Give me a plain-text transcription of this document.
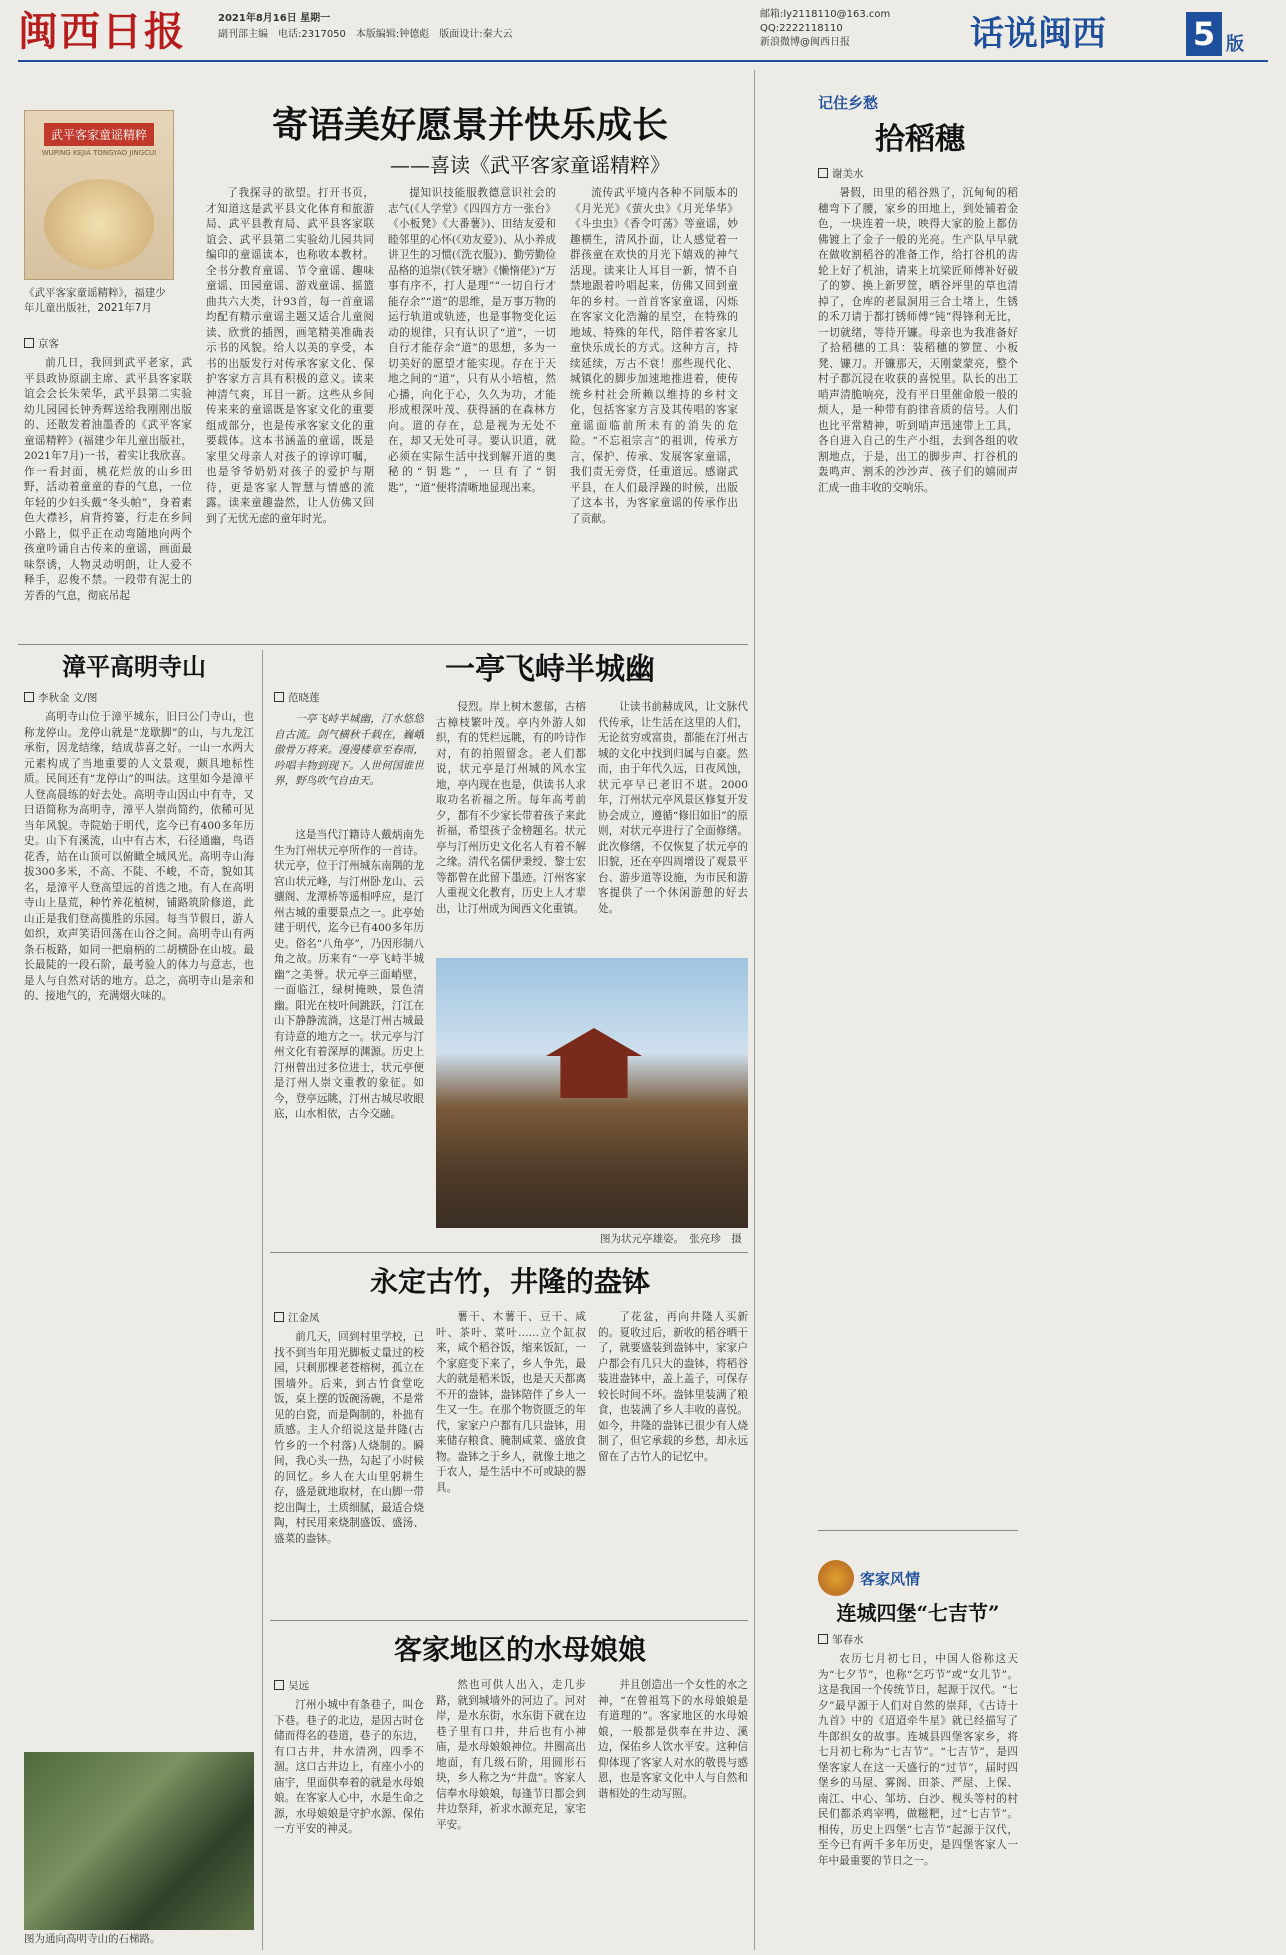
闽西日报	2021年8月16日 星期一
副刊部主编　电话:2317050　本版编辑:钟德彪　版面设计:秦大云
邮箱:ly2118110@163.com
QQ:2222118110
新浪微博@闽西日报	话说闽西	5 版
武平客家童谣精粹
WUPING KEJIA TONGYAO JINGCUI
《武平客家童谣精粹》，福建少年儿童出版社，2021年7月
京客
寄语美好愿景并快乐成长
——喜读《武平客家童谣精粹》

前几日，我回到武平老家，武平县政协原副主席、武平县客家联谊会会长朱荣华，武平县第二实验幼儿园园长钟秀辉送给我刚刚出版的、还散发着油墨香的《武平客家童谣精粹》(福建少年儿童出版社，2021年7月)一书，着实让我欣喜。作一看封面，桃花烂放的山乡田野，活动着童童的春的气息，一位年轻的少妇头戴“冬头帕”，身着素色大襟衫，肩背挎篓，行走在乡间小路上，似乎正在动弯随地向两个孩童吟诵自古传来的童谣，画面最味祭诱，人物灵动明朗，让人爱不释手，忍俊不禁。一段带有泥土的芳香的气息，彻底吊起

了我探寻的欲望。打开书页，才知道这是武平县文化体育和旅游局、武平县教育局、武平县客家联谊会、武平县第二实验幼儿园共同编印的童谣读本，也称收本教材。全书分教育童谣、节令童谣、趣味童谣、田园童谣、游戏童谣、摇篮曲共六大类，计93首，每一首童谣均配有精示童谣主题又适合儿童阅读、欣赏的插图，画笔精美准确表示书的风貌。给人以美的享受，本书的出版发行对传承客家文化、保护客家方言具有积极的意义。读来神清气爽，耳目一新。这些从乡间传来来的童谣既是客家文化的重要组成部分，也是传承客家文化的重要载体。这本书涵盖的童谣，既是家里父母亲人对孩子的谆谆叮嘱，也是爷爷奶奶对孩子的爱护与期待，更是客家人智慧与情感的流露。读来童趣盎然，让人仿佛又回到了无忧无虑的童年时光。

提知识技能服教德意识社会的志气(《人学堂》《四四方方一张台》《小板凳》《大番薯》)、田结友爱和睦邻里的心怀(《劝友爱》)、从小养成讲卫生的习惯(《洗衣服》)、勤劳勤俭品格的追崇(《铁牙塘》《懒惰佬》)“万事有序不，打人是理”“一切自行才能存余”“道”的思维，是万事万物的运行轨道或轨迹，也是事物变化运动的规律，只有认识了“道”，一切自行才能存余“道”的思想，多为一切美好的愿望才能实现。存在于天地之间的“道”，只有从小培植，然心播，向化于心，久久为功，才能形成根深叶茂、获得涵的在森林方向。道的存在，总是视为无处不在，却又无处可寻。要认识道，就必须在实际生活中找到解开道的奥秘的“钥匙”，一旦有了“钥匙”，“道”便将清晰地显现出来。

流传武平境内各种不同版本的《月光光》《萤火虫》《月光华华》《斗虫虫》《香令叮荡》等童谣，妙趣横生，清风扑面，让人感觉着一群孩童在欢快的月光下嬉戏的神气活现。读来让人耳目一新，情不自禁地跟着吟唱起来，仿佛又回到童年的乡村。一首首客家童谣，闪烁在客家文化浩瀚的星空，在特殊的地域、特殊的年代，陪伴着客家儿童快乐成长的方式。这种方言，持续延续，万古不衰！那些现代化、城镇化的脚步加速地推进着，使传统乡村社会所赖以维持的乡村文化，包括客家方言及其传唱的客家童谣面临前所未有的消失的危险。“不忘祖宗言”的祖训，传承方言，保护、传承、发展客家童谣，我们责无旁贷，任重道远。感谢武平县，在人们最浮躁的时候，出版了这本书，为客家童谣的传承作出了贡献。

记住乡愁
拾稻穗
谢美水

暑假，田里的稻谷熟了，沉甸甸的稻穗弯下了腰，家乡的田地上，到处铺着金色，一块连着一块，映得大家的脸上都仿佛镀上了金子一般的光亮。生产队早早就在做收割稻谷的准备工作，给打谷机的齿轮上好了机油，请来上坑梁匠师傅补好破了的箩、换上新罗筐，晒谷坪里的草也清掉了，仓库的老鼠洞用三合土堵上，生锈的禾刀请于都打锈师傅“钝”得锋利无比，一切就绪，等待开镰。母亲也为我准备好了拾稻穗的工具：装稻穗的箩筐、小板凳、镰刀。开镰那天，天刚蒙蒙亮，整个村子都沉浸在收获的喜悦里。队长的出工哨声清脆响亮，没有平日里催命般一般的烦人，是一种带有韵律音质的信号。人们也比平常精神，听到哨声迅速带上工具，各自进入自己的生产小组，去到各组的收割地点，于是，出工的脚步声、打谷机的轰鸣声、割禾的沙沙声、孩子们的嬉闹声汇成一曲丰收的交响乐。

客家风情
连城四堡“七吉节”
邹春水

农历七月初七日，中国人俗称这天为“七夕节”，也称“乞巧节”或“女儿节”。这是我国一个传统节日，起源于汉代。“七夕”最早源于人们对自然的崇拜，《古诗十九首》中的《迢迢牵牛星》就已经描写了牛郎织女的故事。连城县四堡客家乡，将七月初七称为“七吉节”。“七吉节”，是四堡客家人在这一天盛行的“过节”，届时四堡乡的马屋、雾阁、田茶、严屋、上保、南江、中心、邹坊、白沙、枧头等村的村民们都杀鸡宰鸭，做糍粑，过“七吉节”。相传，历史上四堡“七吉节”起源于汉代，至今已有两千多年历史，是四堡客家人一年中最重要的节日之一。

漳平高明寺山
李秋金 文/图

高明寺山位于漳平城东，旧曰公门寺山，也称龙停山。龙停山就是“龙歇脚”的山，与九龙江承衔，因龙结缘，结成恭喜之好。一山一水两大元素构成了当地重要的人文景观，颇具地标性质。民间还有“龙停山”的叫法。这里如今是漳平人登高晨练的好去处。高明寺山因山中有寺，又曰语简称为高明寺，漳平人崇尚简约，依稀可见当年风貌。寺院始于明代，迄今已有400多年历史。山下有溪流，山中有古木，石径通幽，鸟语花香，站在山顶可以俯瞰全城风光。高明寺山海拔300多米，不高、不陡、不峻，不奇，貌如其名，是漳平人登高望远的首选之地。有人在高明寺山上垦荒，种竹养花植树，铺路筑阶修道，此山正是我们登高揽胜的乐园。每当节假日，游人如织，欢声笑语回荡在山谷之间。高明寺山有两条石板路，如同一把扇柄的二胡横卧在山坡。最长最陡的一段石阶，最考验人的体力与意志，也是人与自然对话的地方。总之，高明寺山是亲和的、接地气的，充满烟火味的。

图为通向高明寺山的石梯路。
一亭飞峙半城幽
范晓莲

一亭飞峙半城幽，汀水悠悠自古流。剑气横秋千载在，巍峨傲骨万将来。漫漫楼章至春雨，吟唱丰物到现下。人世何国谁世界，野鸟吹气自由天。

这是当代汀籍诗人戴炳南先生为汀州状元亭所作的一首诗。状元亭，位于汀州城东南隅的龙宫山状元峰，与汀州卧龙山、云骧阁、龙潭桥等遥相呼应，是汀州古城的重要景点之一。此亭始建于明代，迄今已有400多年历史。俗名“八角亭”，乃因形制八角之故。历来有“一亭飞峙半城幽”之美誉。状元亭三面峭壁，一面临江，绿树掩映，景色清幽。阳光在枝叶间跳跃，汀江在山下静静流淌，这是汀州古城最有诗意的地方之一。状元亭与汀州文化有着深厚的渊源。历史上汀州曾出过多位进士，状元亭便是汀州人崇文重教的象征。如今，登亭远眺，汀州古城尽收眼底，山水相依，古今交融。

侵烈。岸上树木葱郁，古榕古樟枝繁叶茂。亭内外游人如织，有的凭栏远眺，有的吟诗作对，有的拍照留念。老人们都说，状元亭是汀州城的风水宝地，亭内现在也是，供读书人求取功名祈福之所。每年高考前夕，都有不少家长带着孩子来此祈福，希望孩子金榜题名。状元亭与汀州历史文化名人有着不解之缘。清代名儒伊秉绶、黎士宏等都曾在此留下墨迹。汀州客家人重视文化教育，历史上人才辈出，让汀州成为闽西文化重镇。

让读书前赫成风，让文脉代代传承，让生活在这里的人们，无论贫穷或富贵，都能在汀州古城的文化中找到归属与自豪。然而，由于年代久远，日夜风蚀，状元亭早已老旧不堪。2000年，汀州状元亭风景区修复开发协会成立，遵循“修旧如旧”的原则，对状元亭进行了全面修缮。此次修缮，不仅恢复了状元亭的旧貌，还在亭四周增设了观景平台、游步道等设施，为市民和游客提供了一个休闲游憩的好去处。

图为状元亭雄姿。　张亮珍　摄
永定古竹，井隆的盎钵
江金凤

前几天，回到村里学校，已找不到当年用光脚板丈量过的校园，只剩那棵老苍榕树，孤立在围墙外。后来，到古竹食堂吃饭，桌上摆的饭碗汤碗，不是常见的白瓷，而是陶制的，朴拙有质感。主人介绍说这是井隆(古竹乡的一个村落)人烧制的。瞬间，我心头一热，勾起了小时候的回忆。乡人在大山里躬耕生存，盛是就地取材，在山脚一带挖出陶土，土质细腻，最适合烧陶，村民用来烧制盛饭、盛汤、盛菜的盎钵。

薯干、木薯干、豆干、咸叶、茶叶、菜叶……立个缸叔来，咸个稻谷饭，缩来饭缸，一个家庭变下来了，乡人争先，最大的就是稻米饭，也是天天都离不开的盎钵，盎钵陪伴了乡人一生又一生。在那个物资匮乏的年代，家家户户都有几只盎钵，用来储存粮食、腌制咸菜、盛放食物。盎钵之于乡人，就像土地之于农人，是生活中不可或缺的器具。

了花盆，再向井隆人买新的。夏收过后，新收的稻谷晒干了，就要盛装到盎钵中，家家户户都会有几只大的盎钵，将稻谷装进盎钵中，盖上盖子，可保存较长时间不坏。盎钵里装满了粮食，也装满了乡人丰收的喜悦。如今，井隆的盎钵已很少有人烧制了，但它承载的乡愁，却永远留在了古竹人的记忆中。

客家地区的水母娘娘
吴远

汀州小城中有条巷子，叫仓下巷。巷子的北边，是因古时仓储而得名的巷道，巷子的东边，有口古井，井水清冽，四季不涸。这口古井边上，有座小小的庙宇，里面供奉着的就是水母娘娘。在客家人心中，水是生命之源，水母娘娘是守护水源、保佑一方平安的神灵。

然也可供人出入，走几步路，就到城墙外的河边了。河对岸，是水东街，水东街下就在边巷子里有口井，井后也有小神庙，是水母娘娘神位。井圈高出地面，有几级石阶，用圆形石块，乡人称之为“井盘”。客家人信奉水母娘娘，每逢节日都会到井边祭拜，祈求水源充足，家宅平安。

并且创造出一个女性的水之神，“在曾祖笃下的水母娘娘是有道理的”。客家地区的水母娘娘，一般都是供奉在井边、溪边，保佑乡人饮水平安。这种信仰体现了客家人对水的敬畏与感恩，也是客家文化中人与自然和谐相处的生动写照。
